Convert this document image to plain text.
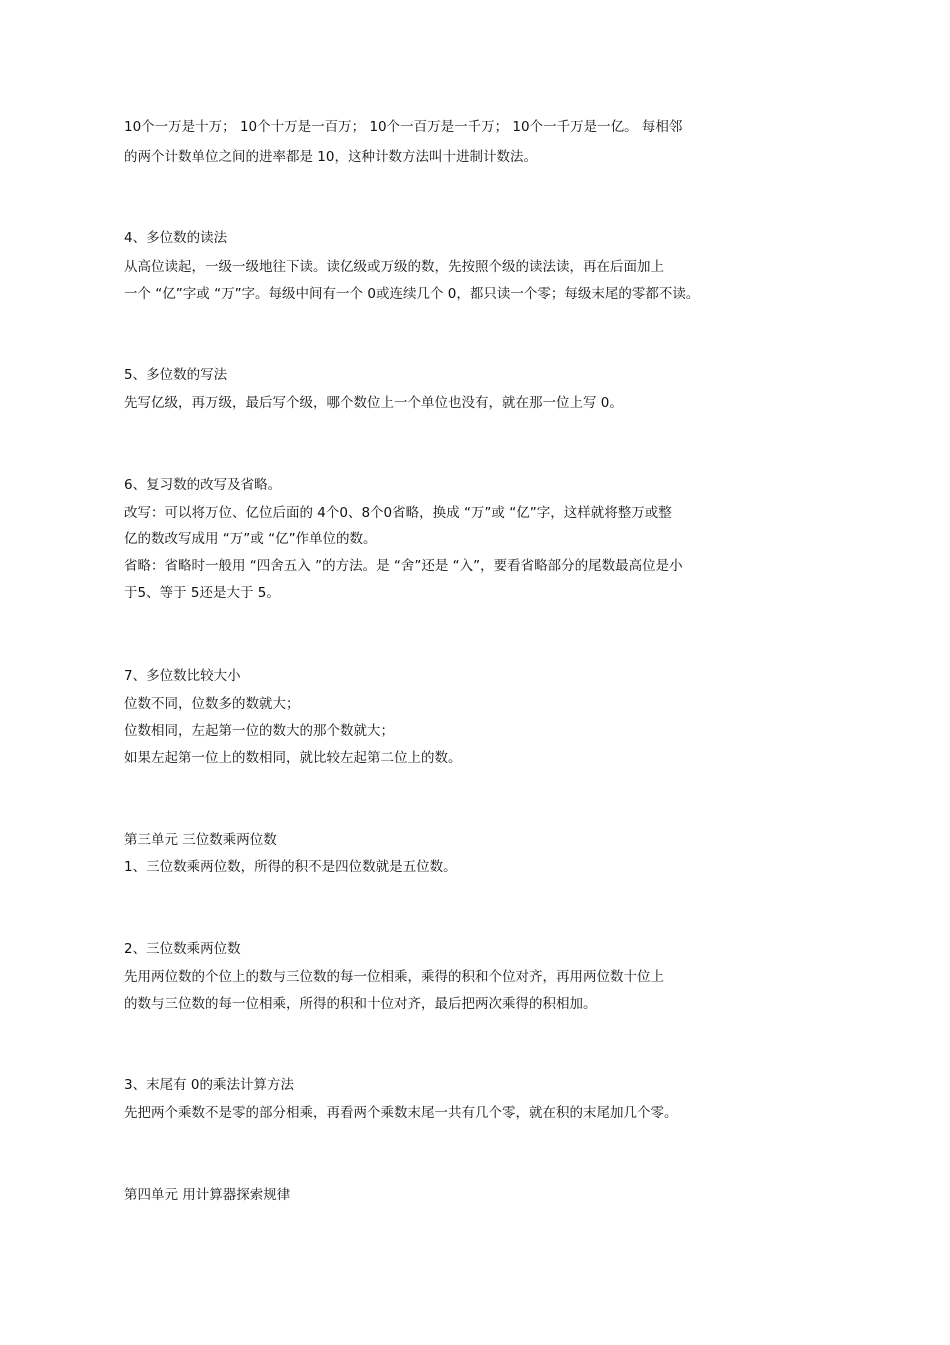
10个一万是十万； 10个十万是一百万； 10个一百万是一千万； 10个一千万是一亿。 每相邻
的两个计数单位之间的进率都是 10，这种计数方法叫十进制计数法。
4、多位数的读法
从高位读起，一级一级地往下读。读亿级或万级的数，先按照个级的读法读，再在后面加上
一个 “亿”字或 “万”字。每级中间有一个 0或连续几个 0，都只读一个零；每级末尾的零都不读。
5、多位数的写法
先写亿级，再万级，最后写个级，哪个数位上一个单位也没有，就在那一位上写 0。
6、复习数的改写及省略。
改写：可以将万位、亿位后面的 4个0、8个0省略，换成 “万”或 “亿”字，这样就将整万或整
亿的数改写成用 “万”或 “亿”作单位的数。
省略：省略时一般用 “四舍五入 ”的方法。是 “舍”还是 “入”，要看省略部分的尾数最高位是小
于5、等于 5还是大于 5。
7、多位数比较大小
位数不同，位数多的数就大；
位数相同，左起第一位的数大的那个数就大；
如果左起第一位上的数相同，就比较左起第二位上的数。
第三单元 三位数乘两位数
1、三位数乘两位数，所得的积不是四位数就是五位数。
2、三位数乘两位数
先用两位数的个位上的数与三位数的每一位相乘，乘得的积和个位对齐，再用两位数十位上
的数与三位数的每一位相乘，所得的积和十位对齐，最后把两次乘得的积相加。
3、末尾有 0的乘法计算方法
先把两个乘数不是零的部分相乘，再看两个乘数末尾一共有几个零，就在积的末尾加几个零。
第四单元 用计算器探索规律
